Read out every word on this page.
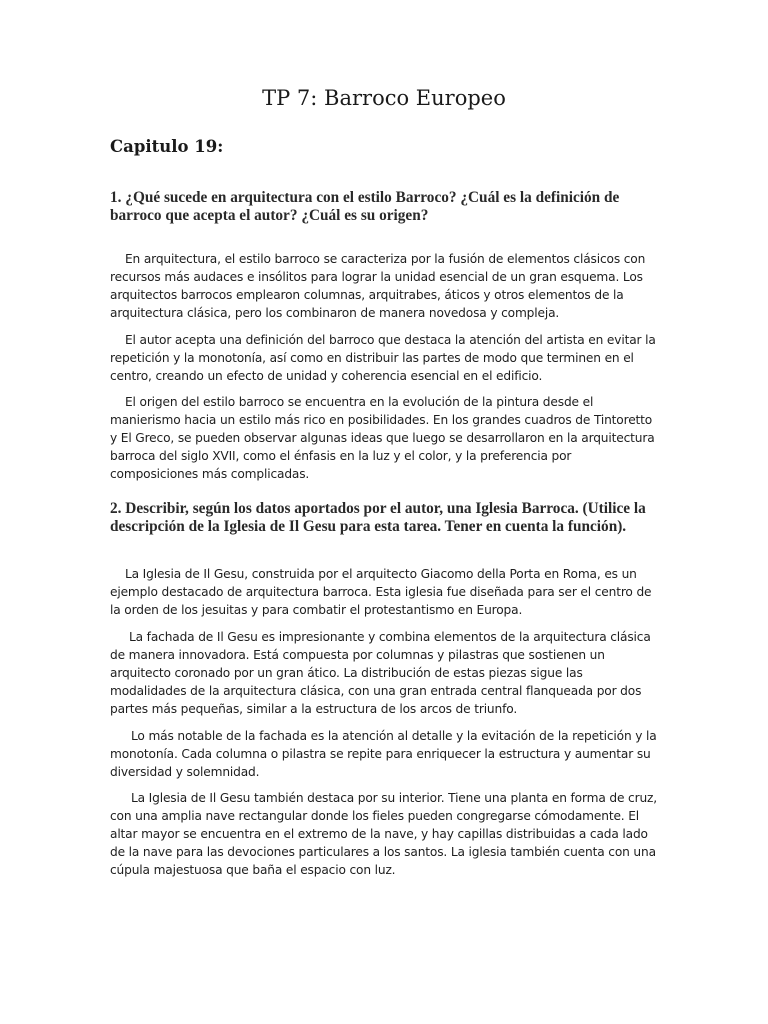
TP 7: Barroco Europeo
Capitulo 19:

1. ¿Qué sucede en arquitectura con el estilo Barroco? ¿Cuál es la definición de barroco que acepta el autor? ¿Cuál es su origen?

En arquitectura, el estilo barroco se caracteriza por la fusión de elementos clásicos con recursos más audaces e insólitos para lograr la unidad esencial de un gran esquema. Los arquitectos barrocos emplearon columnas, arquitrabes, áticos y otros elementos de la arquitectura clásica, pero los combinaron de manera novedosa y compleja.

El autor acepta una definición del barroco que destaca la atención del artista en evitar la repetición y la monotonía, así como en distribuir las partes de modo que terminen en el centro, creando un efecto de unidad y coherencia esencial en el edificio.

El origen del estilo barroco se encuentra en la evolución de la pintura desde el manierismo hacia un estilo más rico en posibilidades. En los grandes cuadros de Tintoretto y El Greco, se pueden observar algunas ideas que luego se desarrollaron en la arquitectura barroca del siglo XVII, como el énfasis en la luz y el color, y la preferencia por composiciones más complicadas.

2. Describir, según los datos aportados por el autor, una Iglesia Barroca. (Utilice la descripción de la Iglesia de Il Gesu para esta tarea. Tener en cuenta la función).

La Iglesia de Il Gesu, construida por el arquitecto Giacomo della Porta en Roma, es un ejemplo destacado de arquitectura barroca. Esta iglesia fue diseñada para ser el centro de la orden de los jesuitas y para combatir el protestantismo en Europa.

La fachada de Il Gesu es impresionante y combina elementos de la arquitectura clásica de manera innovadora. Está compuesta por columnas y pilastras que sostienen un arquitecto coronado por un gran ático. La distribución de estas piezas sigue las modalidades de la arquitectura clásica, con una gran entrada central flanqueada por dos partes más pequeñas, similar a la estructura de los arcos de triunfo.

Lo más notable de la fachada es la atención al detalle y la evitación de la repetición y la monotonía. Cada columna o pilastra se repite para enriquecer la estructura y aumentar su diversidad y solemnidad.

La Iglesia de Il Gesu también destaca por su interior. Tiene una planta en forma de cruz, con una amplia nave rectangular donde los fieles pueden congregarse cómodamente. El altar mayor se encuentra en el extremo de la nave, y hay capillas distribuidas a cada lado de la nave para las devociones particulares a los santos. La iglesia también cuenta con una cúpula majestuosa que baña el espacio con luz.
